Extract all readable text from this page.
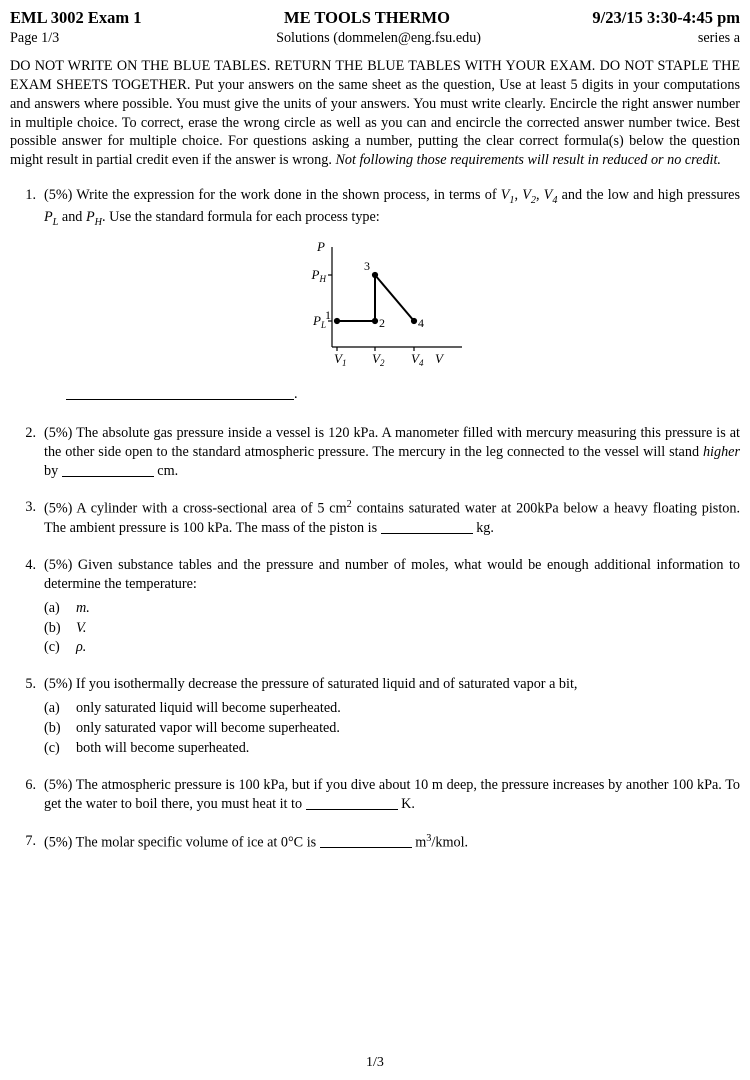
EML 3002 Exam 1	ME TOOLS THERMO	9/23/15 3:30-4:45 pm
Page 1/3	Solutions (dommelen@eng.fsu.edu)	series a
DO NOT WRITE ON THE BLUE TABLES. RETURN THE BLUE TABLES WITH YOUR EXAM. DO NOT STAPLE THE EXAM SHEETS TOGETHER. Put your answers on the same sheet as the question, Use at least 5 digits in your computations and answers where possible. You must give the units of your answers. You must write clearly. Encircle the right answer number in multiple choice. To correct, erase the wrong circle as well as you can and encircle the corrected answer number twice. Best possible answer for multiple choice. For questions asking a number, putting the clear correct formula(s) below the question might result in partial credit even if the answer is wrong. Not following those requirements will result in reduced or no credit.
1. (5%) Write the expression for the work done in the shown process, in terms of $V_1$, $V_2$, $V_4$ and the low and high pressures $P_L$ and $P_H$. Use the standard formula for each process type:
P
$P_H$
$P_L$
1
2
3
4
$V_1$ $V_2$ $V_4$ V
.
2. (5%) The absolute gas pressure inside a vessel is 120 kPa. A manometer filled with mercury measuring this pressure is at the other side open to the standard atmospheric pressure. The mercury in the leg connected to the vessel will stand higher by	cm.
3. (5%) A cylinder with a cross-sectional area of 5 $cm^2$ contains saturated water at 200kPa below a heavy floating piston. The ambient pressure is 100 kPa. The mass of the piston is	kg.
4. (5%) Given substance tables and the pressure and number of moles, what would be enough additional information to determine the temperature:
(a)	m.
(b)	V.
(c)	ρ.
5. (5%) If you isothermally decrease the pressure of saturated liquid and of saturated vapor a bit,
(a)	only saturated liquid will become superheated.
(b)	only saturated vapor will become superheated.
(c)	both will become superheated.
6. (5%) The atmospheric pressure is 100 kPa, but if you dive about 10 m deep, the pressure increases by another 100 kPa. To get the water to boil there, you must heat it to	K.
7. (5%) The molar specific volume of ice at 0°C is	$m^3$/kmol.
1/3
